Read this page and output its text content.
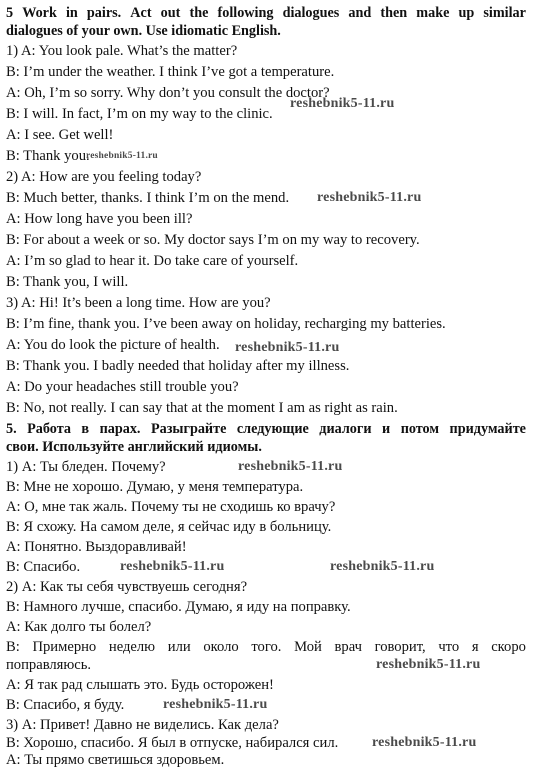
5 Work in pairs. Act out the following dialogues and then make up similar
dialogues of your own. Use idiomatic English.
1) A: You look pale. What’s the matter?
B: I’m under the weather. I think I’ve got a temperature.
A: Oh, I’m so sorry. Why don’t you consult the doctor?
B: I will. In fact, I’m on my way to the clinic.
A: I see. Get well!
B: Thank you.
2) A: How are you feeling today?
B: Much better, thanks. I think I’m on the mend.
A: How long have you been ill?
B: For about a week or so. My doctor says I’m on my way to recovery.
A: I’m so glad to hear it. Do take care of yourself.
B: Thank you, I will.
3) A: Hi! It’s been a long time. How are you?
B: I’m fine, thank you. I’ve been away on holiday, recharging my batteries.
A: You do look the picture of health.
B: Thank you. I badly needed that holiday after my illness.
A: Do your headaches still trouble you?
B: No, not really. I can say that at the moment I am as right as rain.
5. Работа в парах. Разыграйте следующие диалоги и потом придумайте
свои. Используйте английский идиомы.
1) А: Ты бледен. Почему?
В: Мне не хорошо. Думаю, у меня температура.
А: О, мне так жаль. Почему ты не сходишь ко врачу?
В: Я схожу. На самом деле, я сейчас иду в больницу.
А: Понятно. Выздоравливай!
В: Спасибо.
2) А: Как ты себя чувствуешь сегодня?
В: Намного лучше, спасибо. Думаю, я иду на поправку.
А: Как долго ты болел?
В: Примерно неделю или около того. Мой врач говорит, что я скоро
поправляюсь.
А: Я так рад слышать это. Будь осторожен!
В: Спасибо, я буду.
3) А: Привет! Давно не виделись. Как дела?
В: Хорошо, спасибо. Я был в отпуске, набирался сил.
А: Ты прямо светишься здоровьем.
reshebnik5-11.ru
reshebnik5-11.ru
reshebnik5-11.ru
reshebnik5-11.ru
reshebnik5-11.ru
reshebnik5-11.ru	reshebnik5-11.ru
reshebnik5-11.ru
reshebnik5-11.ru
reshebnik5-11.ru
